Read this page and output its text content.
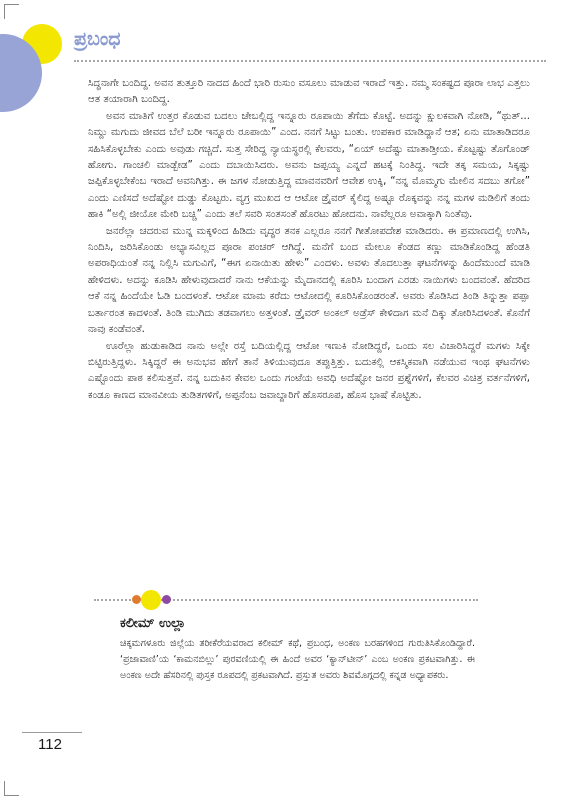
ಪ್ರಬಂಧ

ಸಿದ್ಧನಾಗೇ ಬಂದಿದ್ದ. ಅವನ ತುತ್ತೂರಿ ನಾದದ ಹಿಂದೆ ಭಾರಿ ರುಸುಂ ವಸೂಲು ಮಾಡುವ ಇರಾದೆ ಇತ್ತು. ನಮ್ಮ ಸಂಕಷ್ಟದ ಪೂರಾ ಲಾಭ ಎತ್ತಲು ಆತ ತಯಾರಾಗಿ ಬಂದಿದ್ದ.

ಅವನ ಮಾತಿಗೆ ಉತ್ತರ ಕೊಡುವ ಬದಲು ಜೇಬಲ್ಲಿದ್ದ ಇನ್ನೂರು ರೂಪಾಯಿ ತೆಗೆದು ಕೊಟ್ಟೆ. ಅದನ್ನು ಕ್ಷುಲಕವಾಗಿ ನೋಡಿ, “ಥುತ್... ನಿಮ್ದು ಮಗುದು ಜೀವದ ಬೆಲೆ ಬರೀ ಇನ್ನೂರು ರೂಪಾಯಿ” ಎಂದ. ನನಗೆ ಸಿಟ್ಟು ಬಂತು. ಉಪಕಾರ ಮಾಡಿದ್ದಾನೆ ಆತ; ಏನು ಮಾತಾಡಿದರೂ ಸಹಿಸಿಕೊಳ್ಳಬೇಕು ಎಂದು ಅವುಡು ಗಚ್ಚಿದೆ. ಸುತ್ತ ಸೇರಿದ್ದ ನ್ಯಾಯಸ್ಥರಲ್ಲಿ ಕೆಲವರು, “ಏಯ್ ಅದೆಷ್ಟು ಮಾತಾಡ್ತೀಯ. ಕೊಟ್ಟಷ್ಟು ತೊಗೊಂಡ್ ಹೋಗು. ಗಾಂಚಲಿ ಮಾಡ್ಬೇಡ” ಎಂದು ದಬಾಯಿಸಿದರು. ಅವನು ಜಪ್ಪಯ್ಯ ಎನ್ನದೆ ಹಟಕ್ಕೆ ನಿಂತಿದ್ದ. ಇದೇ ತಕ್ಕ ಸಮಯ, ಸಿಕ್ಕಷ್ಟು ಜಪ್ಪಿಕೊಳ್ಳಬೇಕೆಂಬ ಇರಾದೆ ಅವನಿಗಿತ್ತು. ಈ ಜಗಳ ನೋಡುತ್ತಿದ್ದ ಮಾವನವರಿಗೆ ಆವೇಶ ಉಕ್ಕಿ, “ನನ್ನ ಮೊಮ್ಮಗು ಮೇಲಿನ ಸದಬು ತಗೋ” ಎಂದು ಎಣಿಸದೆ ಅದೆಷ್ಟೋ ದುಡ್ಡು ಕೊಟ್ಟರು. ವ್ಯಗ್ರ ಮುಖದ ಆ ಆಟೋ ಡ್ರೈವರ್ ಕೈಲಿದ್ದ ಅಷ್ಟೂ ರೊಕ್ಕವನ್ನು ನನ್ನ ಮಗಳ ಮಡಿಲಿಗೆ ತಂದು ಹಾಕಿ “ಅಲ್ಲಿ ಜೀಯೋ ಮೇರಿ ಬಚ್ಚಿ” ಎಂದು ತಲೆ ಸವರಿ ಸಂತಸಂತೆ ಹೊರಟು ಹೋದನು. ನಾವೆಲ್ಲರೂ ಅವಾಕ್ಕಾಗಿ ನಿಂತೆವು.

ಜನರೆಲ್ಲಾ ಚದರುವ ಮುನ್ನ ಮಕ್ಕಳಿಂದ ಹಿಡಿದು ವೃದ್ಧರ ತನಕ ಎಲ್ಲರೂ ನನಗೆ ಗೀತೋಪದೇಶ ಮಾಡಿದರು. ಈ ಪ್ರಮಾಣದಲ್ಲಿ ಉಗಿಸಿ, ನಿಂದಿಸಿ, ಜರಿಸಿಕೊಂಡು ಅಭ್ಯಾಸವಿಲ್ಲದ ಪೂರಾ ಪಂಚರ್ ಆಗಿದ್ದೆ. ಮನೆಗೆ ಬಂದ ಮೇಲೂ ಕೆಂಡದ ಕಣ್ಣು ಮಾಡಿಕೊಂಡಿದ್ದ ಹೆಂಡತಿ ಅಪರಾಧಿಯಂತೆ ನನ್ನ ನಿಲ್ಲಿಸಿ ಮಗುವಿಗೆ, “ಈಗ ಏನಾಯಿತು ಹೇಳು” ಎಂದಳು. ಅವಳು ತೊದಲುತ್ತಾ ಘಟನೆಗಳನ್ನು ಹಿಂದೆಮುಂದೆ ಮಾಡಿ ಹೇಳಿದಳು. ಅದನ್ನು ಕೂಡಿಸಿ ಹೇಳುವುದಾದರೆ ನಾನು ಆಕೆಯನ್ನು ಮೈದಾನದಲ್ಲಿ ಕೂರಿಸಿ ಬಂದಾಗ ಎರಡು ನಾಯಿಗಳು ಬಂದವಂತೆ. ಹೆದರಿದ ಆಕೆ ನನ್ನ ಹಿಂದೆಯೇ ಓಡಿ ಬಂದಳಂತೆ. ಆಟೋ ಮಾಮ ಕರೆದು ಆಟೋದಲ್ಲಿ ಕೂರಿಸಿಕೊಂಡರಂತೆ. ಅವರು ಕೊಡಿಸಿದ ತಿಂಡಿ ತಿನ್ನುತ್ತಾ ಪಪ್ಪಾ ಬರ್ತಾರಂತ ಕಾದಳಂತೆ. ತಿಂಡಿ ಮುಗಿದು ತಡವಾಗಲು ಅತ್ತಳಂತೆ. ಡ್ರೈವರ್ ಅಂಕಲ್ ಅಡ್ರೆಸ್ ಕೇಳಿದಾಗ ಮನೆ ದಿಕ್ಕು ತೋರಿಸಿದಳಂತೆ. ಕೊನೆಗೆ ನಾವು ಕಂಡೆವಂತೆ.

ಊರೆಲ್ಲಾ ಹುಡುಕಾಡಿದ ನಾನು ಅಲ್ಲೇ ರಸ್ತೆ ಬದಿಯಲ್ಲಿದ್ದ ಆಟೋ ಇಣುಕಿ ನೋಡಿದ್ದರೆ, ಒಂದು ಸಲ ವಿಚಾರಿಸಿದ್ದರೆ ಮಗಳು ಸಿಕ್ಕೇ ಬಿಟ್ಟಿರುತ್ತಿದ್ದಳು. ಸಿಕ್ಕಿದ್ದರೆ ಈ ಅನುಭವ ಹೇಗೆ ತಾನೆ ತಿಳಿಯುವುದೂ ತಪ್ಪುತ್ತಿತ್ತು. ಬದುಕಲ್ಲಿ ಆಕಸ್ಮಿಕವಾಗಿ ನಡೆಯುವ ಇಂಥ ಘಟನೆಗಳು ಎಷ್ಟೊಂದು ಪಾಠ ಕಲಿಸುತ್ತವೆ. ನನ್ನ ಬದುಕಿನ ಕೇವಲ ಒಂದು ಗಂಟೆಯ ಅವಧಿ ಅದೆಷ್ಟೋ ಜನರ ಪ್ರಶ್ನೆಗಳಿಗೆ, ಕೆಲವರ ವಿಚಿತ್ರ ವರ್ತನೆಗಳಿಗೆ, ಕಂಡೂ ಕಾಣದ ಮಾನವೀಯ ತುಡಿತಗಳಿಗೆ, ಅಪ್ಪನೆಂಬ ಜವಾಬ್ದಾರಿಗೆ ಹೊಸರೂಪ, ಹೊಸ ಭಾಷೆ ಕೊಟ್ಟಿತು.

ಕಲೀಮ್ ಉಲ್ಲಾ

ಚಿಕ್ಕಮಗಳೂರು ಜಿಲ್ಲೆಯ ತರೀಕೆರೆಯವರಾದ ಕಲೀಮ್ ಕಥೆ, ಪ್ರಬಂಧ, ಅಂಕಣ ಬರಹಗಳಿಂದ ಗುರುತಿಸಿಕೊಂಡಿದ್ದಾರೆ. ‘ಪ್ರಜಾವಾಣಿ’ಯ ‘ಕಾಮನಬಿಲ್ಲು’ ಪುರವಣಿಯಲ್ಲಿ ಈ ಹಿಂದೆ ಅವರ ‘ಕ್ಯಾನ್‌ಟೀನ್’ ಎಂಬ ಅಂಕಣ ಪ್ರಕಟವಾಗಿತ್ತು. ಈ ಅಂಕಣ ಅದೇ ಹೆಸರಿನಲ್ಲಿ ಪುಸ್ತಕ ರೂಪದಲ್ಲಿ ಪ್ರಕಟವಾಗಿದೆ. ಪ್ರಸ್ತುತ ಅವರು ಶಿವಮೊಗ್ಗದಲ್ಲಿ ಕನ್ನಡ ಅಧ್ಯಾಪಕರು.

112
